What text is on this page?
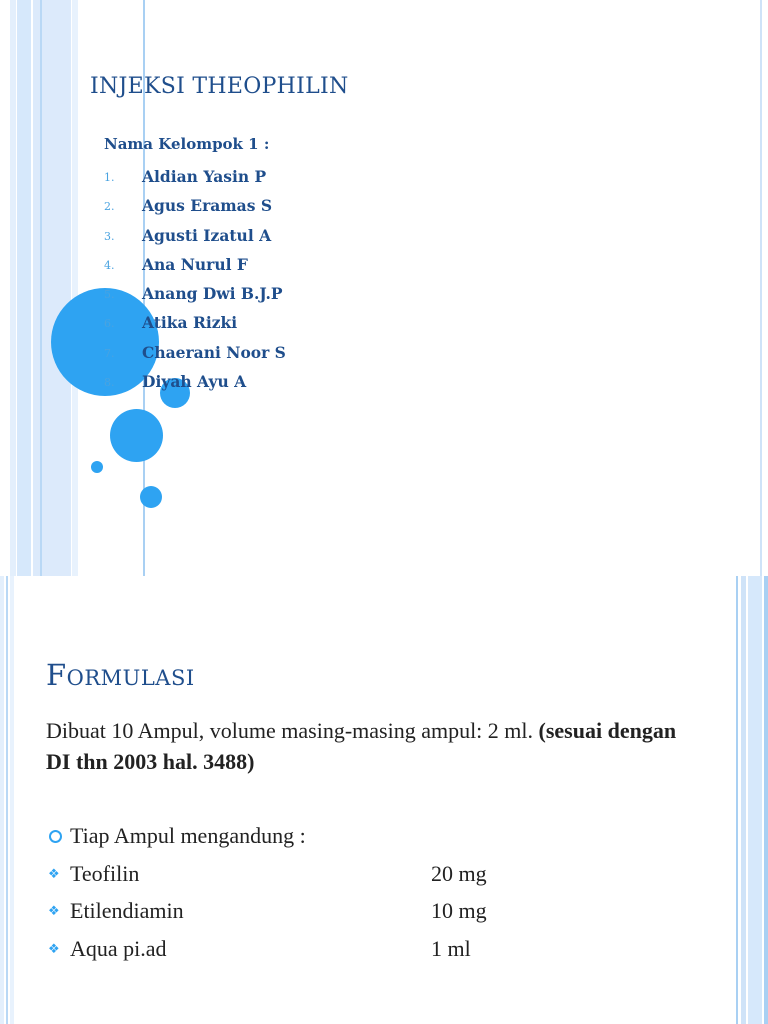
INJEKSI THEOPHILIN
Nama Kelompok 1 :
1. Aldian Yasin P
2. Agus Eramas S
3. Agusti Izatul A
4. Ana Nurul F
5. Anang Dwi B.J.P
6. Atika Rizki
7. Chaerani Noor S
8. Diyah Ayu A
FORMULASI
Dibuat 10 Ampul, volume masing-masing ampul: 2 ml. (sesuai dengan DI thn 2003 hal. 3488)
Tiap Ampul mengandung :
❖ Teofilin	20 mg
❖ Etilendiamin	10 mg
❖ Aqua pi.ad	1 ml
